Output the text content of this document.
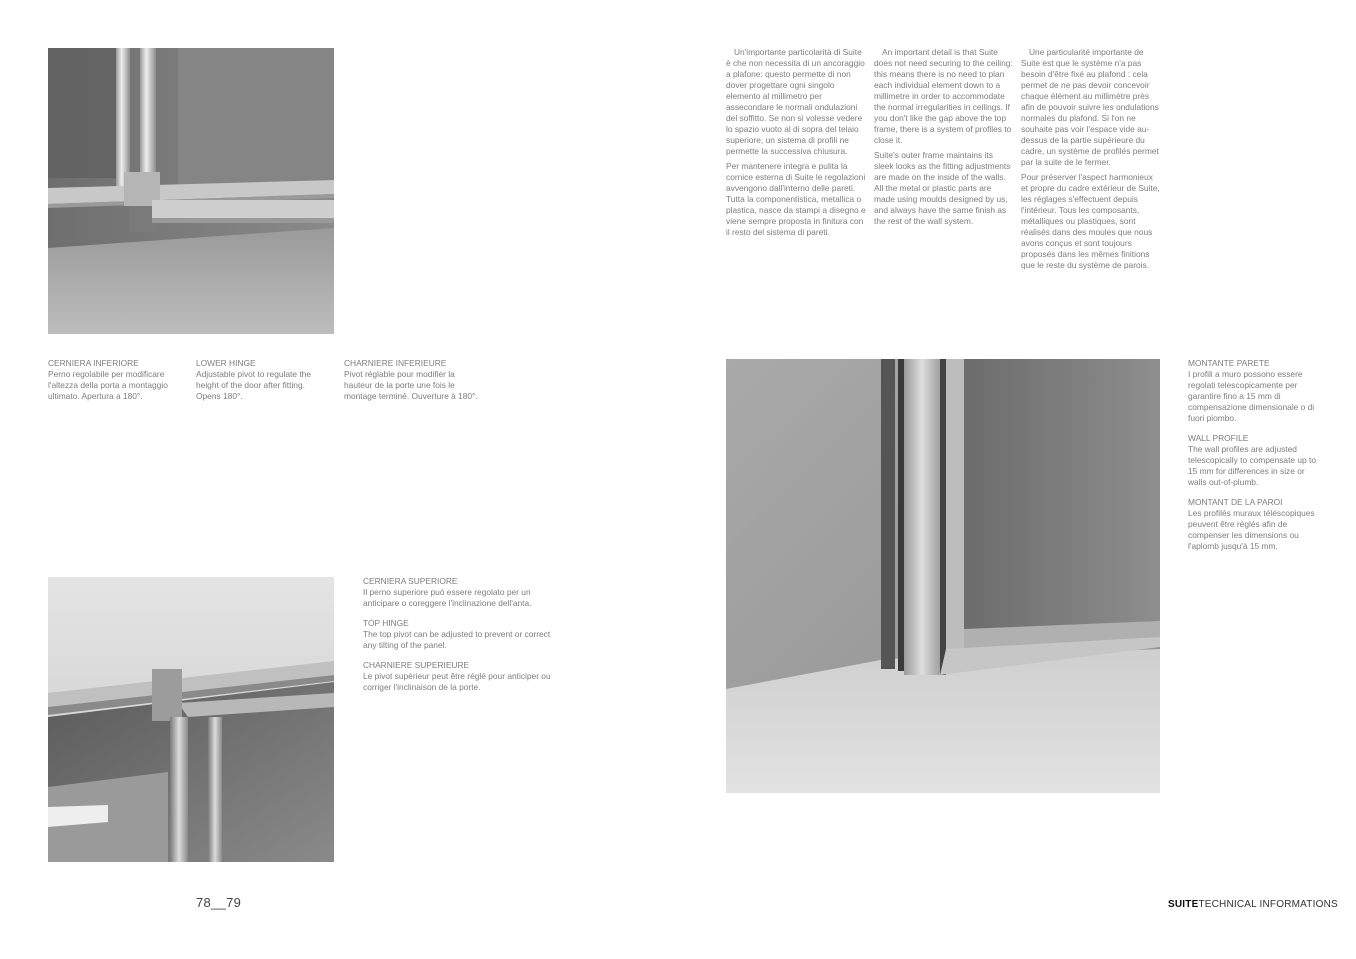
CERNIERA INFERIORE
Perno regolabile per modificare l'altezza della porta a montaggio ultimato. Apertura a 180°.
LOWER HINGE
Adjustable pivot to regulate the height of the door after fitting. Opens 180°.
CHARNIERE INFERIEURE
Pivot réglable pour modifier la hauteur de la porte une fois le montage terminé. Ouverture à 180°.
CERNIERA SUPERIORE
Il perno superiore può essere regolato per un anticipare o coreggere l'inclinazione dell'anta.
TOP HINGE
The top pivot can be adjusted to prevent or correct any tilting of the panel.
CHARNIERE SUPERIEURE
Le pivot supérieur peut être réglé pour anticiper ou corriger l'inclinaison de la porte.

Un'importante particolarità di Suite è che non necessita di un ancoraggio a plafone: questo permette di non dover progettare ogni singolo elemento al millimetro per assecondare le normali ondulazioni del soffitto. Se non si volesse vedere lo spazio vuoto al di sopra del telaio superiore, un sistema di profili ne permette la successiva chiusura.

Per mantenere integra e pulita la cornice esterna di Suite le regolazioni avvengono dall'interno delle pareti. Tutta la componentistica, metallica o plastica, nasce da stampi a disegno e viene sempre proposta in finitura con il resto del sistema di pareti.

An important detail is that Suite does not need securing to the ceiling: this means there is no need to plan each individual element down to a millimetre in order to accommodate the normal irregularities in ceilings. If you don't like the gap above the top frame, there is a system of profiles to close it.

Suite's outer frame maintains its sleek looks as the fitting adjustments are made on the inside of the walls. All the metal or plastic parts are made using moulds designed by us, and always have the same finish as the rest of the wall system.

Une particularité importante de Suite est que le système n'a pas besoin d'être fixé au plafond : cela permet de ne pas devoir concevoir chaque élément au millimètre près afin de pouvoir suivre les ondulations normales du plafond. Si l'on ne souhaite pas voir l'espace vide au-dessus de la partie supérieure du cadre, un système de profilés permet par la suite de le fermer.

Pour préserver l'aspect harmonieux et propre du cadre extérieur de Suite, les réglages s'effectuent depuis l'intérieur. Tous les composants, métalliques ou plastiques, sont réalisés dans des moules que nous avons conçus et sont toujours proposés dans les mêmes finitions que le reste du système de parois.

MONTANTE PARETE
I profili a muro possono essere regolati telescopicamente per garantire fino a 15 mm di compensazione dimensionale o di fuori piombo.
WALL PROFILE
The wall profiles are adjusted telescopically to compensate up to 15 mm for differences in size or walls out-of-plumb.
MONTANT DE LA PAROI
Les profilés muraux téléscopiques peuvent être réglés afin de compenser les dimensions ou l'aplomb jusqu'à 15 mm.
78__79	SUITETECHNICAL INFORMATIONS
